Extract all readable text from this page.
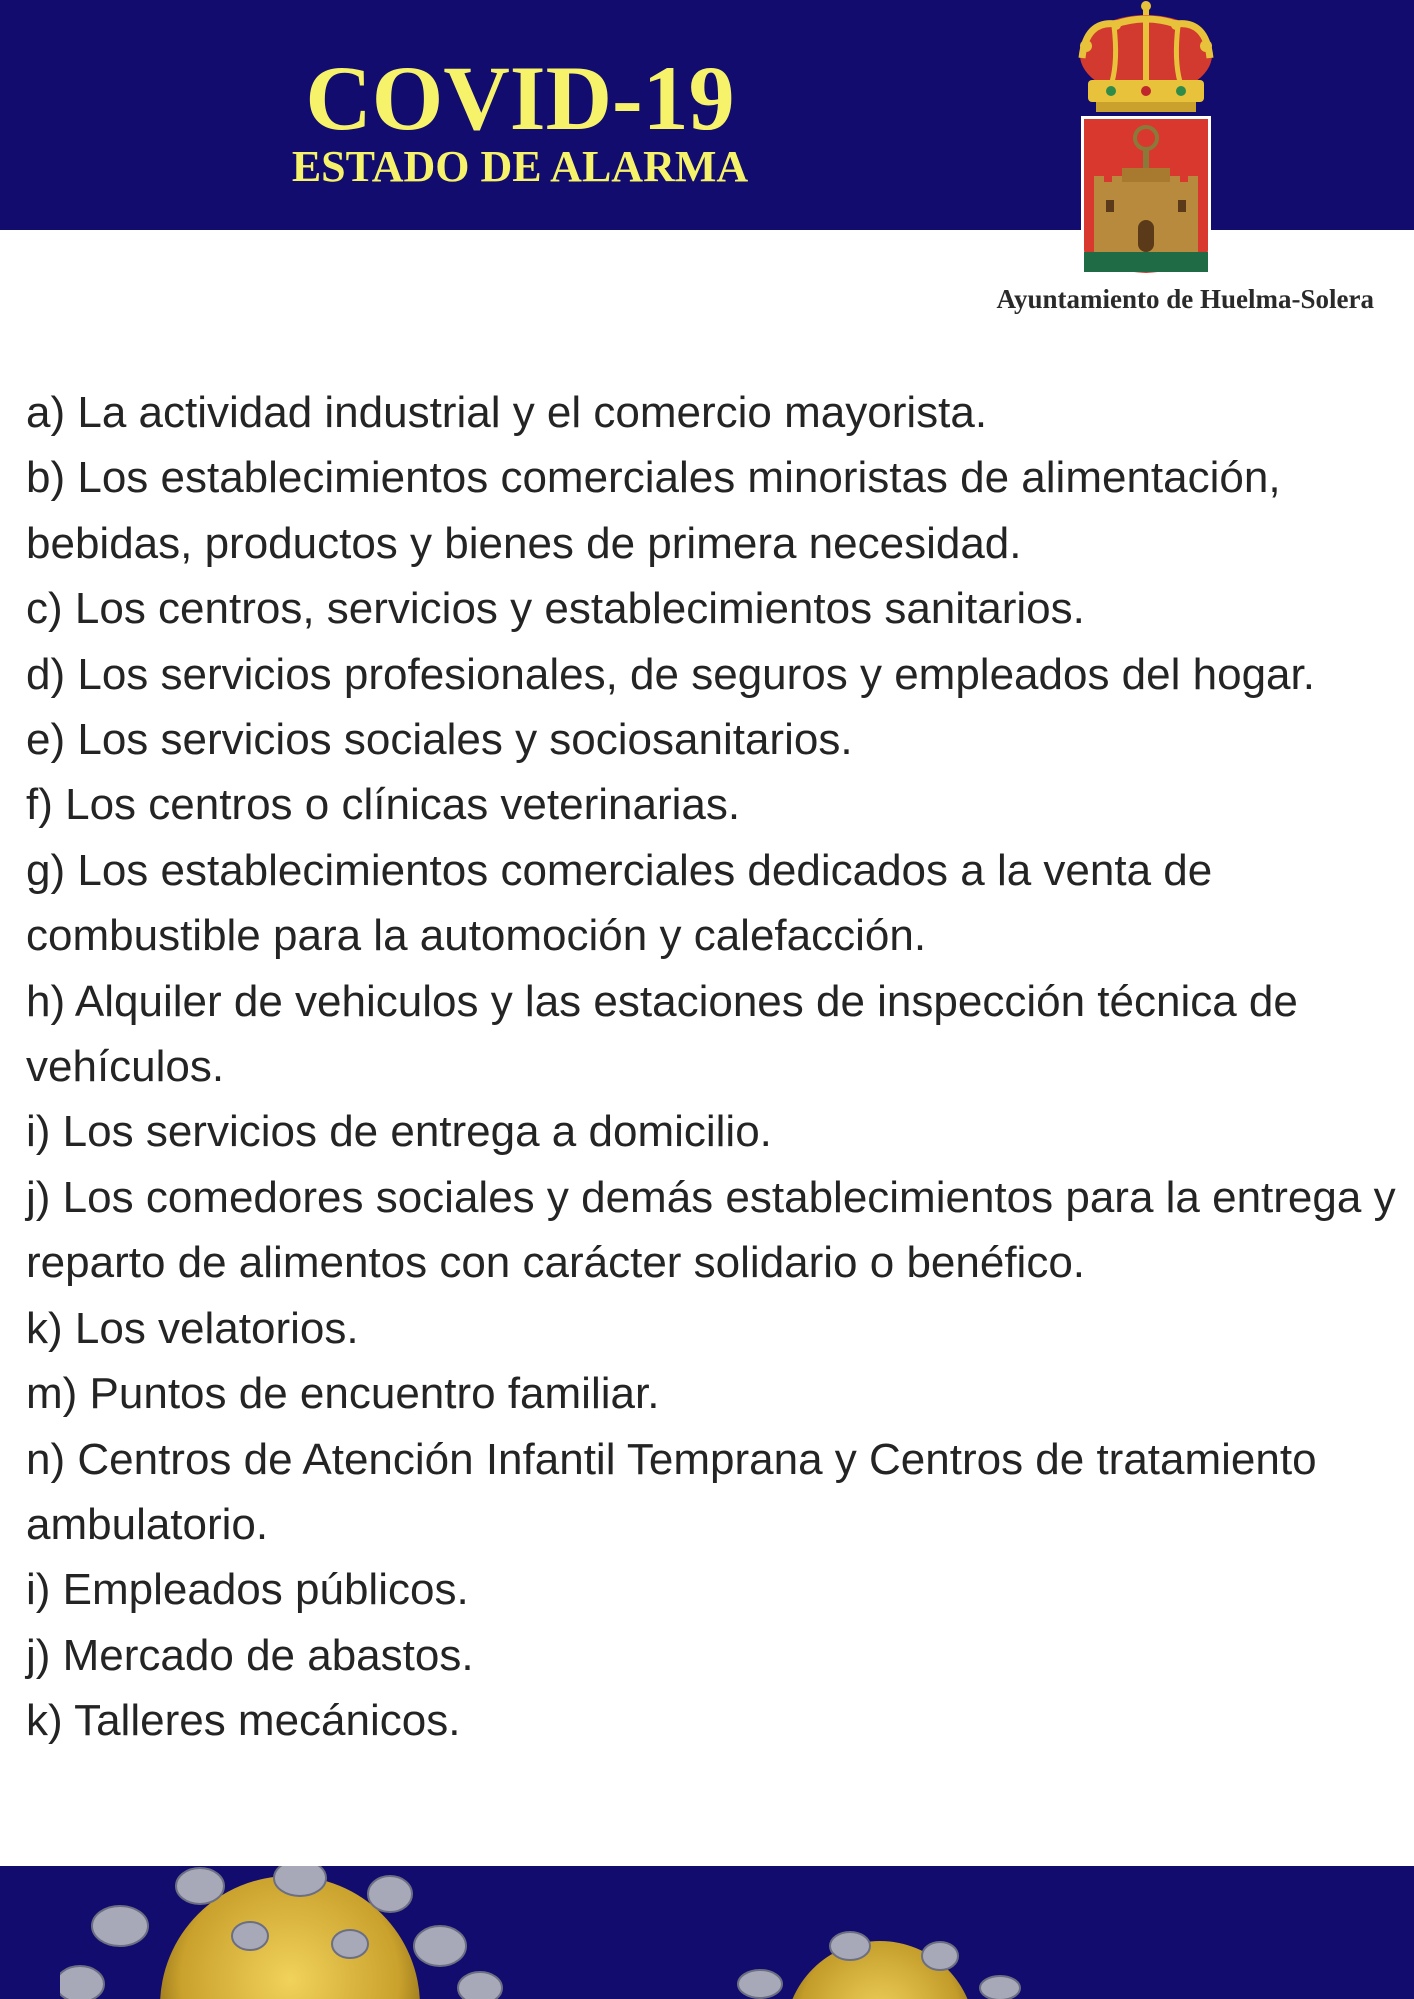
COVID-19
ESTADO DE ALARMA
Ayuntamiento de Huelma-Solera
a) La actividad industrial y el comercio mayorista.
b) Los establecimientos comerciales minoristas de alimentación, bebidas, productos y bienes de primera necesidad.
c) Los centros, servicios y establecimientos sanitarios.
d) Los servicios profesionales, de seguros y empleados del hogar.
e) Los servicios sociales y sociosanitarios.
f) Los centros o clínicas veterinarias.
g) Los establecimientos comerciales dedicados a la venta de combustible para la automoción y calefacción.
h) Alquiler de vehiculos y las estaciones de inspección técnica de vehículos.
i) Los servicios de entrega a domicilio.
j) Los comedores sociales y demás establecimientos para la entrega y reparto de alimentos con carácter solidario o benéfico.
k) Los velatorios.
m) Puntos de encuentro familiar.
n) Centros de Atención Infantil Temprana y Centros de tratamiento ambulatorio.
i) Empleados públicos.
j) Mercado de abastos.
k) Talleres mecánicos.
